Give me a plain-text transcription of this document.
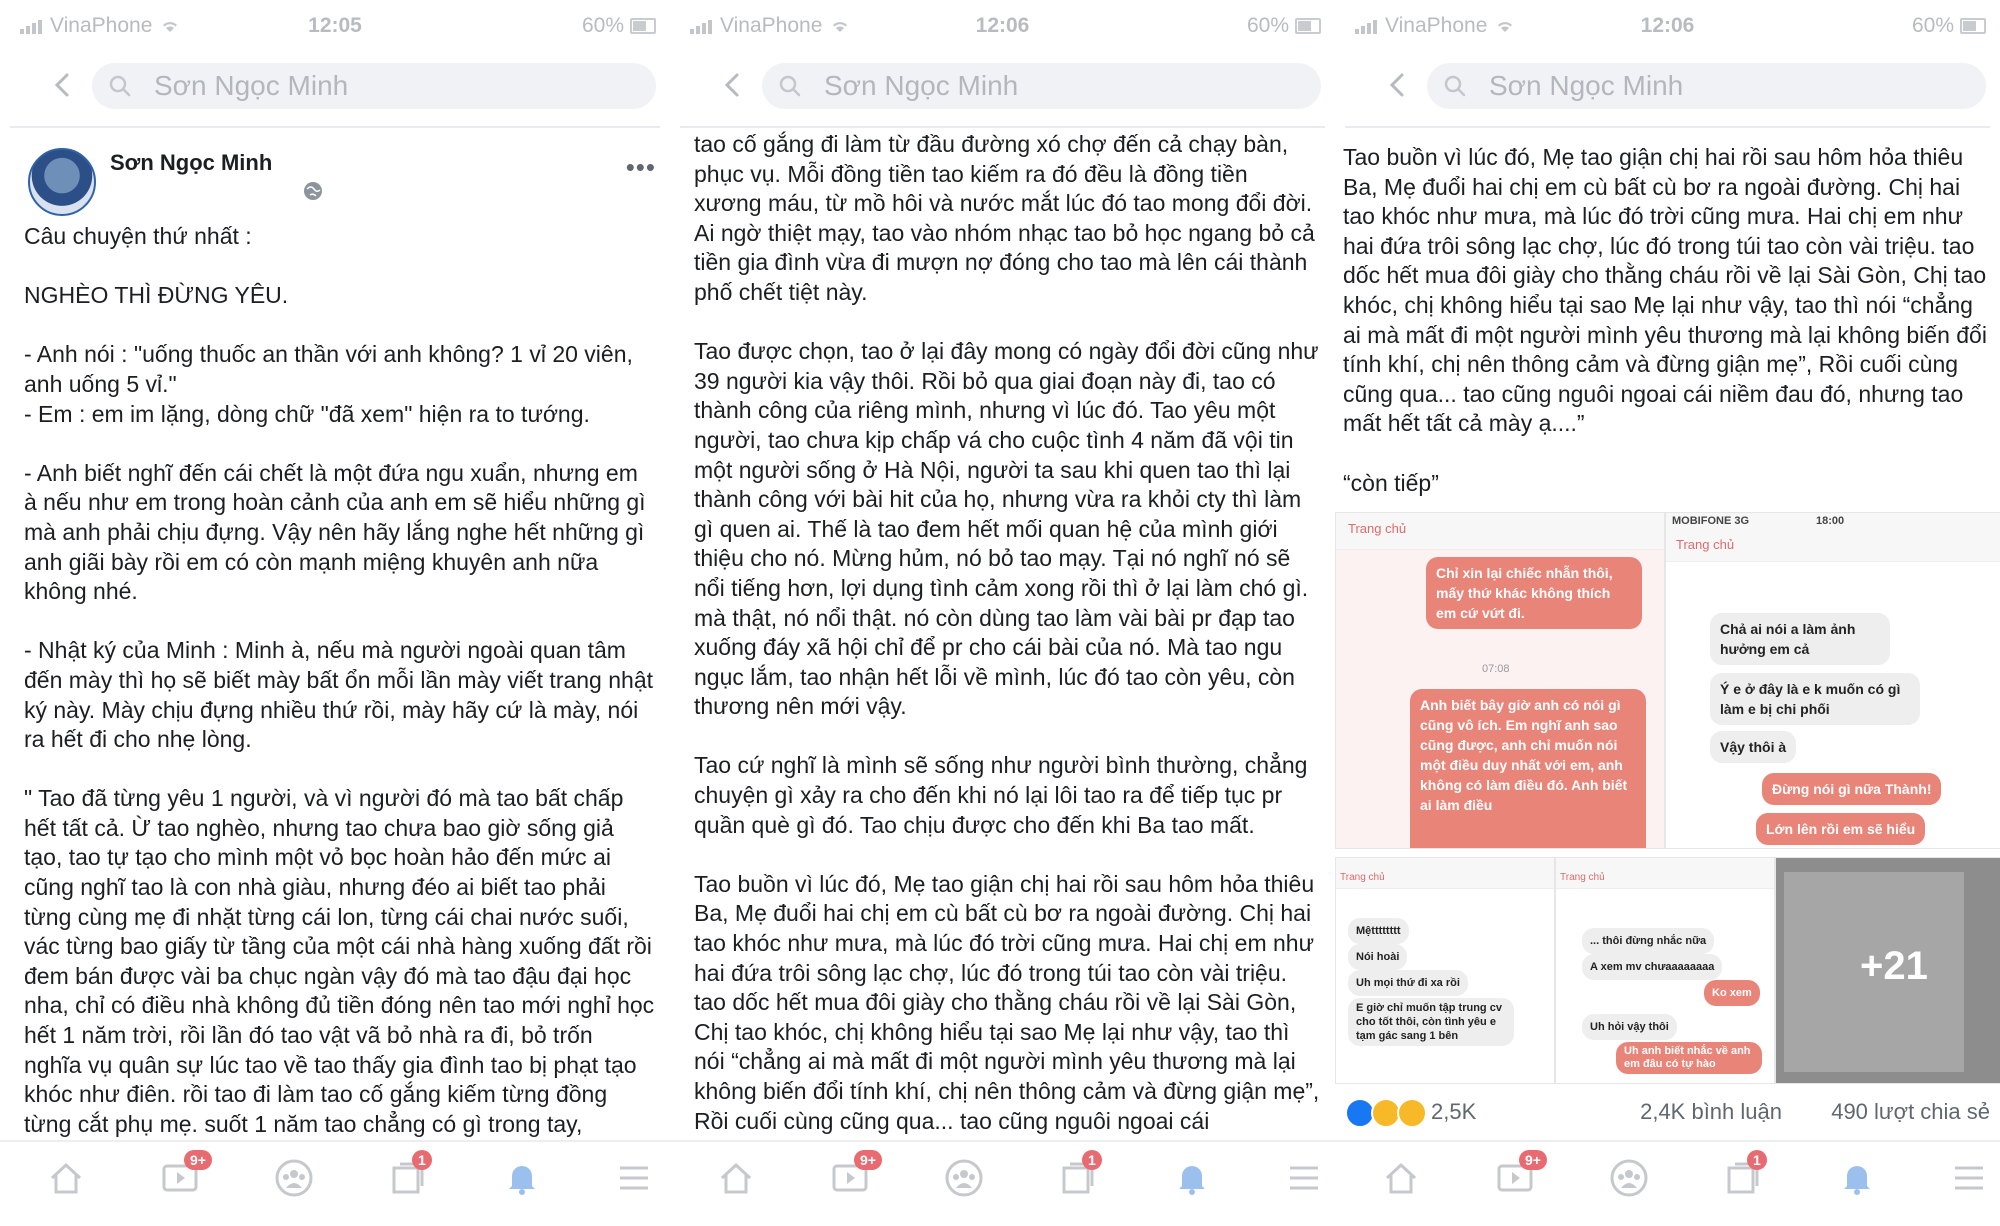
VinaPhone	12:05	60%
Sơn Ngọc Minh
Sơn Ngọc Minh	•••
Câu chuyện thứ nhất :

NGHÈO THÌ ĐỪNG YÊU.

- Anh nói : "uống thuốc an thần với anh không? 1 vỉ 20 viên, anh uống 5 vỉ."
- Em : em im lặng, dòng chữ "đã xem" hiện ra to tướng.

- Anh biết nghĩ đến cái chết là một đứa ngu xuẩn, nhưng em à nếu như em trong hoàn cảnh của anh em sẽ hiểu những gì mà anh phải chịu đựng. Vậy nên hãy lắng nghe hết những gì anh giãi bày rồi em có còn mạnh miệng khuyên anh nữa không nhé.

- Nhật ký của Minh : Minh à, nếu mà người ngoài quan tâm đến mày thì họ sẽ biết mày bất ổn mỗi lần mày viết trang nhật ký này. Mày chịu đựng nhiều thứ rồi, mày hãy cứ là mày, nói ra hết đi cho nhẹ lòng.

" Tao đã từng yêu 1 người, và vì người đó mà tao bất chấp hết tất cả. Ừ tao nghèo, nhưng tao chưa bao giờ sống giả tạo, tao tự tạo cho mình một vỏ bọc hoàn hảo đến mức ai cũng nghĩ tao là con nhà giàu, nhưng đéo ai biết tao phải từng cùng mẹ đi nhặt từng cái lon, từng cái chai nước suối, vác từng bao giấy từ tầng của một cái nhà hàng xuống đất rồi đem bán được vài ba chục ngàn vậy đó mà tao đậu đại học nha, chỉ có điều nhà không đủ tiền đóng nên tao mới nghỉ học hết 1 năm trời, rồi lần đó tao vật vã bỏ nhà ra đi, bỏ trốn nghĩa vụ quân sự lúc tao về tao thấy gia đình tao bị phạt tạo khóc như điên. rồi tao đi làm tao cố gắng kiếm từng đồng từng cắt phụ mẹ. suốt 1 năm tao chẳng có gì trong tay,
9+	1
VinaPhone	12:06	60%
Sơn Ngọc Minh
tao cố gắng đi làm từ đầu đường xó chợ đến cả chạy bàn, phục vụ. Mỗi đồng tiền tao kiếm ra đó đều là đồng tiền xương máu, từ mồ hôi và nước mắt lúc đó tao mong đổi đời. Ai ngờ thiệt mạy, tao vào nhóm nhạc tao bỏ học ngang bỏ cả tiền gia đình vừa đi mượn nợ đóng cho tao mà lên cái thành phố chết tiệt này.

Tao được chọn, tao ở lại đây mong có ngày đổi đời cũng như 39 người kia vậy thôi. Rồi bỏ qua giai đoạn này đi, tao có thành công của riêng mình, nhưng vì lúc đó. Tao yêu một người, tao chưa kịp chấp vá cho cuộc tình 4 năm đã vội tin một người sống ở Hà Nội, người ta sau khi quen tao thì lại thành công với bài hit của họ, nhưng vừa ra khỏi cty thì làm gì quen ai. Thế là tao đem hết mối quan hệ của mình giới thiệu cho nó. Mừng hủm, nó bỏ tao mạy. Tại nó nghĩ nó sẽ nổi tiếng hơn, lợi dụng tình cảm xong rồi thì ở lại làm chó gì. mà thật, nó nổi thật. nó còn dùng tao làm vài bài pr đạp tao xuống đáy xã hội chỉ để pr cho cái bài của nó. Mà tao ngu ngục lắm, tao nhận hết lỗi về mình, lúc đó tao còn yêu, còn thương nên mới vậy.

Tao cứ nghĩ là mình sẽ sống như người bình thường, chẳng chuyện gì xảy ra cho đến khi nó lại lôi tao ra để tiếp tục pr quần què gì đó. Tao chịu được cho đến khi Ba tao mất.

Tao buồn vì lúc đó, Mẹ tao giận chị hai rồi sau hôm hỏa thiêu Ba, Mẹ đuổi hai chị em cù bất cù bơ ra ngoài đường. Chị hai tao khóc như mưa, mà lúc đó trời cũng mưa. Hai chị em như hai đứa trôi sông lạc chợ, lúc đó trong túi tao còn vài triệu. tao dốc hết mua đôi giày cho thằng cháu rồi về lại Sài Gòn, Chị tao khóc, chị không hiểu tại sao Mẹ lại như vậy, tao thì nói “chẳng ai mà mất đi một người mình yêu thương mà lại không biến đổi tính khí, chị nên thông cảm và đừng giận mẹ”, Rồi cuối cùng cũng qua... tao cũng nguôi ngoai cái
9+	1
VinaPhone	12:06	60%
Sơn Ngọc Minh
Tao buồn vì lúc đó, Mẹ tao giận chị hai rồi sau hôm hỏa thiêu Ba, Mẹ đuổi hai chị em cù bất cù bơ ra ngoài đường. Chị hai tao khóc như mưa, mà lúc đó trời cũng mưa. Hai chị em như hai đứa trôi sông lạc chợ, lúc đó trong túi tao còn vài triệu. tao dốc hết mua đôi giày cho thằng cháu rồi về lại Sài Gòn, Chị tao khóc, chị không hiểu tại sao Mẹ lại như vậy, tao thì nói “chẳng ai mà mất đi một người mình yêu thương mà lại không biến đổi tính khí, chị nên thông cảm và đừng giận mẹ”, Rồi cuối cùng cũng qua... tao cũng nguôi ngoai cái niềm đau đó, nhưng tao mất hết tất cả mày ạ....”

“còn tiếp”
Trang chủ
Chỉ xin lại chiếc nhẫn thôi, mấy thứ khác không thích em cứ vứt đi.
07:08
Anh biết bây giờ anh có nói gì cũng vô ích. Em nghĩ anh sao cũng được, anh chỉ muốn nói một điều duy nhất với em, anh không có làm điều đó. Anh biết ai làm điều
MOBIFONE 3G	18:00
Trang chủ
Chả ai nói a làm ảnh hưởng em cả
Ý e ở đây là e k muốn có gì làm e bị chi phối
Vậy thôi à
Đừng nói gì nữa Thành!
Lớn lên rồi em sẽ hiểu
Trang chủ
Mệtttttttt
Nói hoài
Uh mọi thứ đi xa rồi
E giờ chỉ muốn tập trung cv cho tốt thôi, còn tình yêu e tạm gác sang 1 bên
Trang chủ
... thôi đừng nhắc nữa
A xem mv chưaaaaaaaa
Ko xem
Uh hỏi vậy thôi
Uh anh biết nhắc về anh em đâu có tự hào
+21
2,5K	2,4K bình luận 490 lượt chia sẻ
9+	1
